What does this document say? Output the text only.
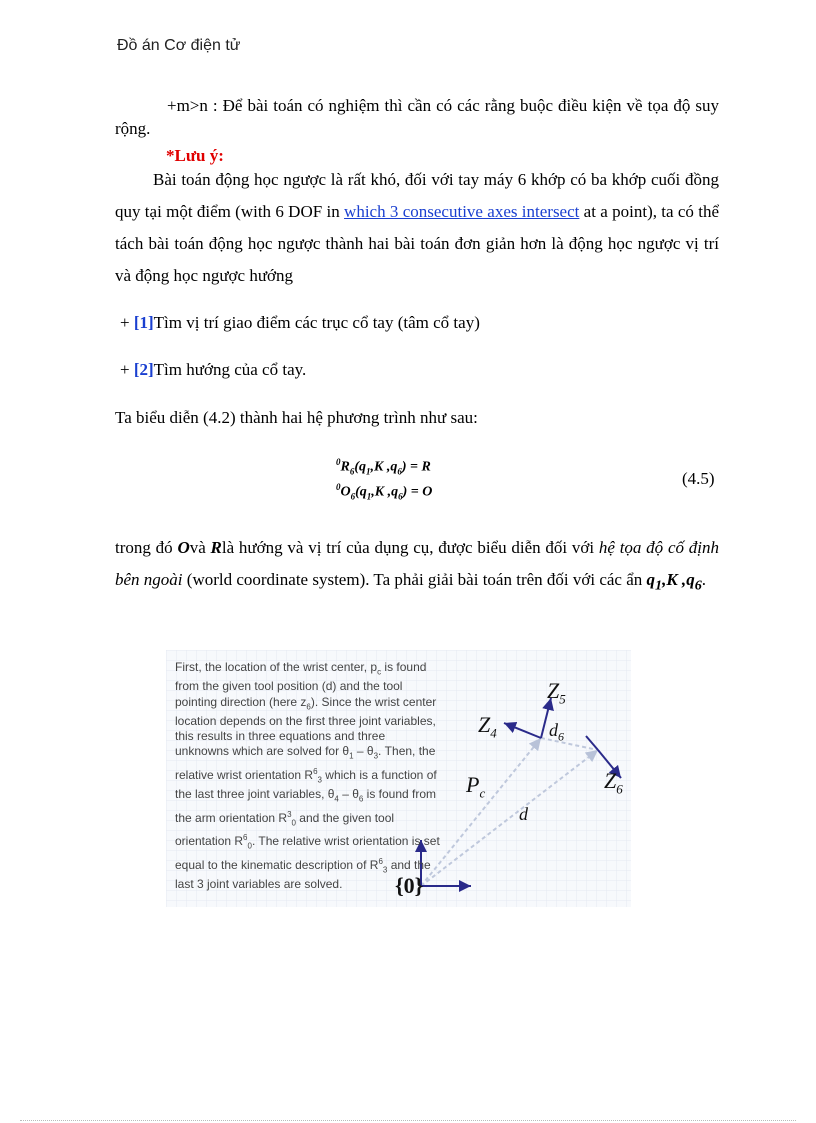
Đồ án Cơ điện tử
+m>n : Để bài toán có nghiệm thì cần có các rằng buộc điều kiện về tọa độ suy rộng.
*Lưu ý:
Bài toán động học ngược là rất khó, đối với tay máy 6 khớp có ba khớp cuối đồng quy tại một điểm (with 6 DOF in which 3 consecutive axes intersect at a point), ta có thể tách bài toán động học ngược thành hai bài toán đơn giản hơn là động học ngược vị trí và động học ngược hướng
+ [1]Tìm vị trí giao điểm các trục cổ tay (tâm cổ tay)
+ [2]Tìm hướng của cổ tay.
Ta biểu diễn (4.2) thành hai hệ phương trình như sau:
$^0R_6(q_1,K$ $,q_6) = R$
$^0O_6(q_1,K$ $,q_6) = O$
(4.5)
trong đó Ovà Rlà hướng và vị trí của dụng cụ, được biểu diễn đối với hệ tọa độ cố định bên ngoài (world coordinate system). Ta phải giải bài toán trên đối với các ẩn $q_1,K$ $,q_6$.
First, the location of the wrist center, $p_c$ is found from the given tool position (d) and the tool pointing direction (here $z_6$). Since the wrist center location depends on the first three joint variables, this results in three equations and three unknowns which are solved for $\theta_1 - \theta_3$. Then, the relative wrist orientation $R^6_3$ which is a function of the last three joint variables, $\theta_4 - \theta_6$ is found from the arm orientation $R^3_0$ and the given tool orientation $R^6_0$. The relative wrist orientation is set equal to the kinematic description of $R^6_3$ and the last 3 joint variables are solved.
$Z_5$
$Z_4$	$d_6$
$Z_6$
$P_c$
d
{0}
